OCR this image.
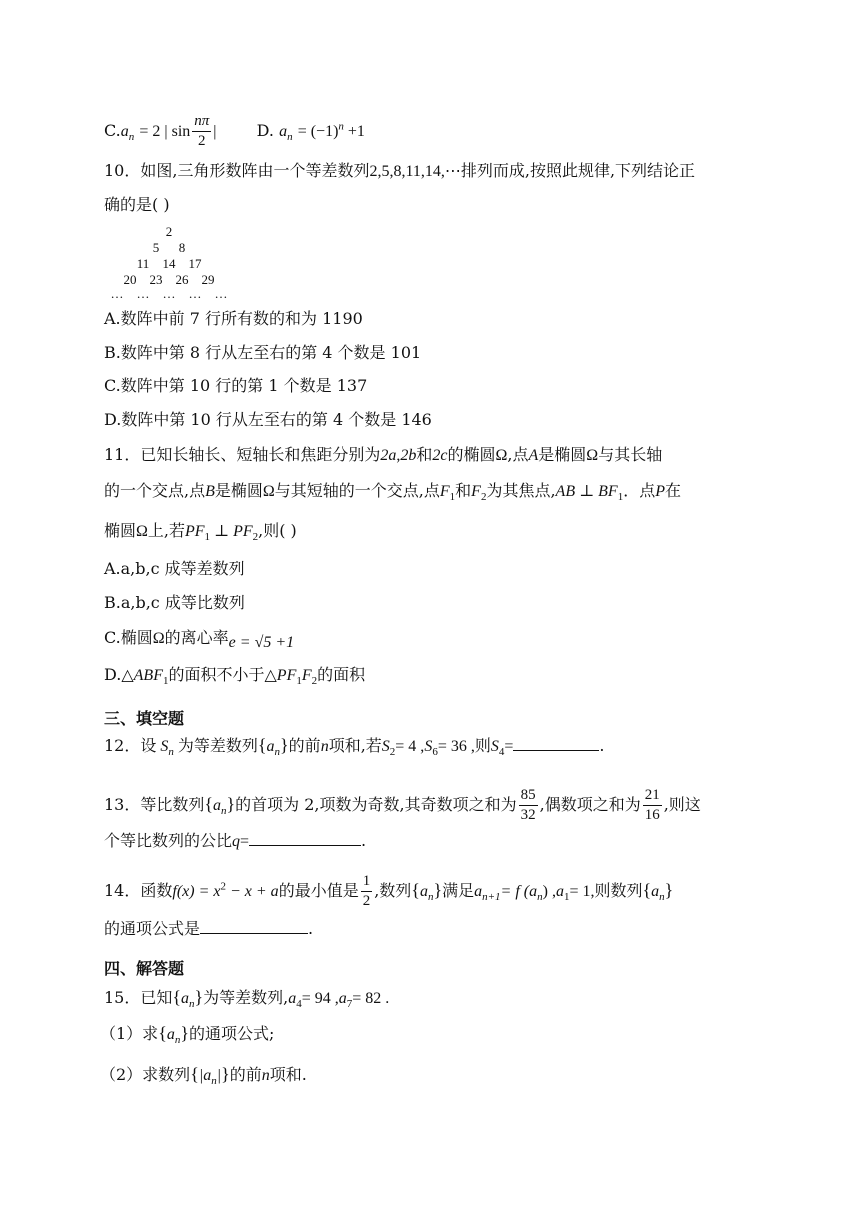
$C.a_n = 2$ | $\sin \frac{n\pi}{2}$ |	D. $a_n = (-1)^n +1$
10．如图,三角形数阵由一个等差数列2,5,8,11,14,⋯排列而成,按照此规律,下列结论正
确的是( )
2
5 8
11 14 17
20 23 26 29
… … … … …
A.数阵中前 7 行所有数的和为 1190
B.数阵中第 8 行从左至右的第 4 个数是 101
C.数阵中第 10 行的第 1 个数是 137
D.数阵中第 10 行从左至右的第 4 个数是 146
11．已知长轴长、短轴长和焦距分别为2a,2b和2c的椭圆Ω,点A是椭圆Ω与其长轴
的一个交点,点B是椭圆Ω与其短轴的一个交点,点$F_1$和$F_2$为其焦点,AB ⊥ $BF_1$．点P在
椭圆Ω上,若$PF_1$ ⊥ $PF_2$,则( )
A.a,b,c 成等差数列
B.a,b,c 成等比数列
C.椭圆Ω的离心率e = √5 +1
$D.\triangle ABF_1$的面积不小于$\triangle PF_1F_2$的面积
三、填空题
12．设 $S_n$ 为等差数列$\{a_n\}$的前n项和,若$S_2= 4$ $,S_6= 36$ ,则$S_4=$	.
13．等比数列$\{a_n\}$的首项为 2,项数为奇数,其奇数项之和为 $\frac{85}{32}$ ,偶数项之和为 $\frac{21}{16}$ ,则这
个等比数列的公比q=	.
14．函数$f(x) = x^2 - x + a$的最小值是 $\frac{1}{2}$ ,数列$\{a_n\}$满足$a_{n+1}= f$ $(a_n)$ $,a_1= 1$,则数列$\{a_n\}$
的通项公式是	.
四、解答题
15．已知$\{a_n\}$为等差数列$,a_4= 94$ $,a_7= 82$ .
（1）求$\{a_n\}$的通项公式;
（2）求数列$\{|a_n|\}$的前n项和.
